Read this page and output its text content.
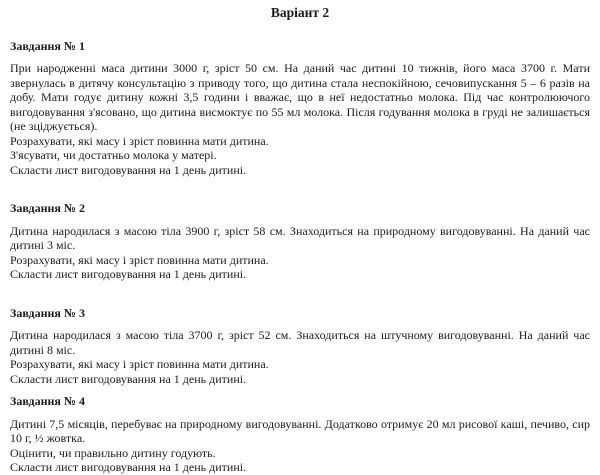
Варіант 2
Завдання № 1

При народженні маса дитини 3000 г, зріст 50 см. На даний час дитині 10 тижнів, його маса 3700 г. Мати звернулась в дитячу консультацію з приводу того, що дитина стала неспокійною, сечовипускання 5 – 6 разів на добу. Мати годує дитину кожні 3,5 години і вважає, що в неї недостатньо молока. Під час контролюючого вигодовування з'ясовано, що дитина висмоктує по 55 мл молока. Після годування молока в груді не залишається (не зціджується).

Розрахувати, які масу і зріст повинна мати дитина.

З'ясувати, чи достатньо молока у матері.

Скласти лист вигодовування на 1 день дитині.

Завдання № 2

Дитина народилася з масою тіла 3900 г, зріст 58 см. Знаходиться на природному вигодовуванні. На даний час дитині 3 міс.

Розрахувати, які масу і зріст повинна мати дитина.

Скласти лист вигодовування на 1 день дитині.

Завдання № 3

Дитина народилася з масою тіла 3700 г, зріст 52 см. Знаходиться на штучному вигодовуванні. На даний час дитині 8 міс.

Розрахувати, які масу і зріст повинна мати дитина.

Скласти лист вигодовування на 1 день дитині.

Завдання № 4

Дитині 7,5 місяців, перебуває на природному вигодовуванні. Додатково отримує 20 мл рисової каші, печиво, сир 10 г, ½ жовтка.

Оцінити, чи правильно дитину годують.

Скласти лист вигодовування на 1 день дитині.
